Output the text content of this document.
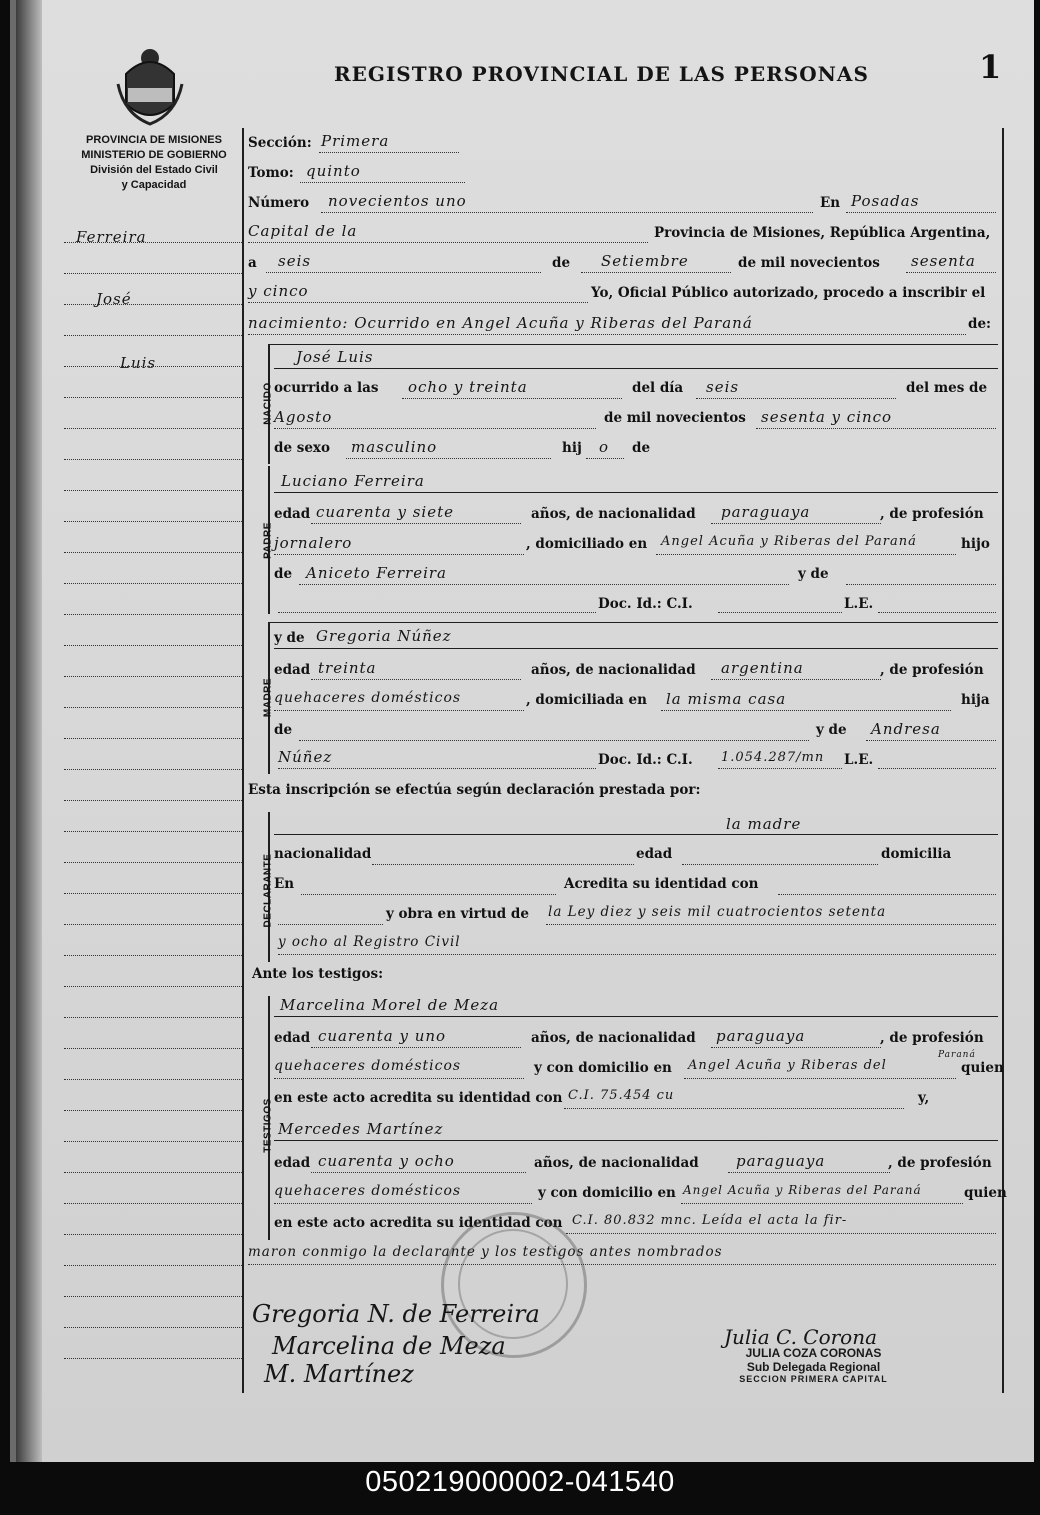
REGISTRO PROVINCIAL DE LAS PERSONAS	1
PROVINCIA DE MISIONES
MINISTERIO DE GOBIERNO
División del Estado Civil
y Capacidad
Ferreira
José
Luis
Sección: Primera
Tomo: quinto
Número novecientos uno	En Posadas
Capital de la	Provincia de Misiones, República Argentina,
a seis	de Setiembre	de mil novecientos sesenta
y cinco	Yo, Oficial Público autorizado, procedo a inscribir el
nacimiento: Ocurrido en Angel Acuña y Riberas del Paraná	de:
NACIDO
José Luis
ocurrido a las ocho y treinta	del día seis	del mes de
Agosto	de mil novecientos sesenta y cinco
de sexo masculino	hij o de
PADRE
Luciano Ferreira
edad cuarenta y siete	años, de nacionalidad paraguaya	, de profesión
jornalero	, domiciliado en Angel Acuña y Riberas del Paraná	hijo
de Aniceto Ferreira	y de
Doc. Id.: C.I.	L.E.
MADRE
y de Gregoria Núñez
edad treinta	años, de nacionalidad argentina	, de profesión
quehaceres domésticos	, domiciliada en la misma casa	hija
de	y de Andresa
Núñez	Doc. Id.: C.I. 1.054.287/mn L.E.
Esta inscripción se efectúa según declaración prestada por:
DECLARANTE
la madre
nacionalidad	edad	domicilia
En	Acredita su identidad con
y obra en virtud de la Ley diez y seis mil cuatrocientos setenta
y ocho al Registro Civil
Ante los testigos:
TESTIGOS
Marcelina Morel de Meza
edad cuarenta y uno	años, de nacionalidad paraguaya	, de profesión
quehaceres domésticos	y con domicilio en Angel Acuña y Riberas del
Paraná
quien
en este acto acredita su identidad con C.I. 75.454 cu	y,
Mercedes Martínez
edad cuarenta y ocho	años, de nacionalidad paraguaya	, de profesión
quehaceres domésticos	y con domicilio en Angel Acuña y Riberas del Paraná	quien
en este acto acredita su identidad con C.I. 80.832 mnc. Leída el acta la fir-
maron conmigo la declarante y los testigos antes nombrados
Gregoria N. de Ferreira
Marcelina de Meza
M. Martínez
Julia C. Corona
JULIA COZA CORONAS
Sub Delegada Regional
SECCION PRIMERA CAPITAL
050219000002-041540
